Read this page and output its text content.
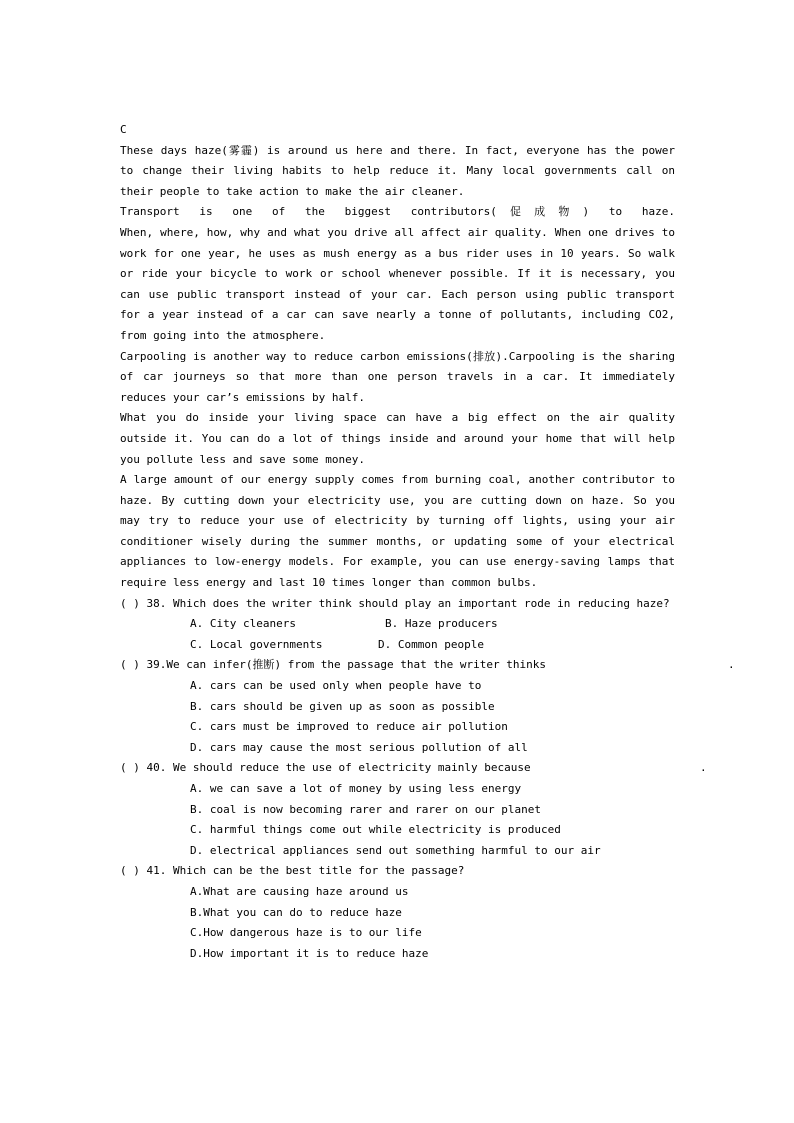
C

These days haze(雾霾) is around us here and there. In fact, everyone has the power to change their living habits to help reduce it. Many local governments call on their people to take action to make the air cleaner.

Transport is one of the biggest contributors(促成物) to haze.

When, where, how, why and what you drive all affect air quality. When one drives to work for one year, he uses as mush energy as a bus rider uses in 10 years. So walk or ride your bicycle to work or school whenever possible. If it is necessary, you can use public transport instead of your car. Each person using public transport for a year instead of a car can save nearly a tonne of pollutants, including CO2, from going into the atmosphere.

Carpooling is another way to reduce carbon emissions(排放).Carpooling is the sharing of car journeys so that more than one person travels in a car. It immediately reduces your car’s emissions by half.

What you do inside your living space can have a big effect on the air quality outside it. You can do a lot of things inside and around your home that will help you pollute less and save some money.

A large amount of our energy supply comes from burning coal, another contributor to haze. By cutting down your electricity use, you are cutting down on haze. So you may try to reduce your use of electricity by turning off lights, using your air conditioner wisely during the summer months, or updating some of your electrical appliances to low-energy models. For example, you can use energy-saving lamps that require less energy and last 10 times longer than common bulbs.

( ) 38. Which does the writer think should play an important rode in reducing haze?

A. City cleaners	B. Haze producers
C. Local governments	D. Common people
( ) 39.We can infer(推断) from the passage that the writer thinks	.

A. cars can be used only when people have to

B. cars should be given up as soon as possible

C. cars must be improved to reduce air pollution

D. cars may cause the most serious pollution of all

( ) 40. We should reduce the use of electricity mainly because	.

A. we can save a lot of money by using less energy

B. coal is now becoming rarer and rarer on our planet

C. harmful things come out while electricity is produced

D. electrical appliances send out something harmful to our air

( ) 41. Which can be the best title for the passage?

A.What are causing haze around us

B.What you can do to reduce haze

C.How dangerous haze is to our life

D.How important it is to reduce haze
